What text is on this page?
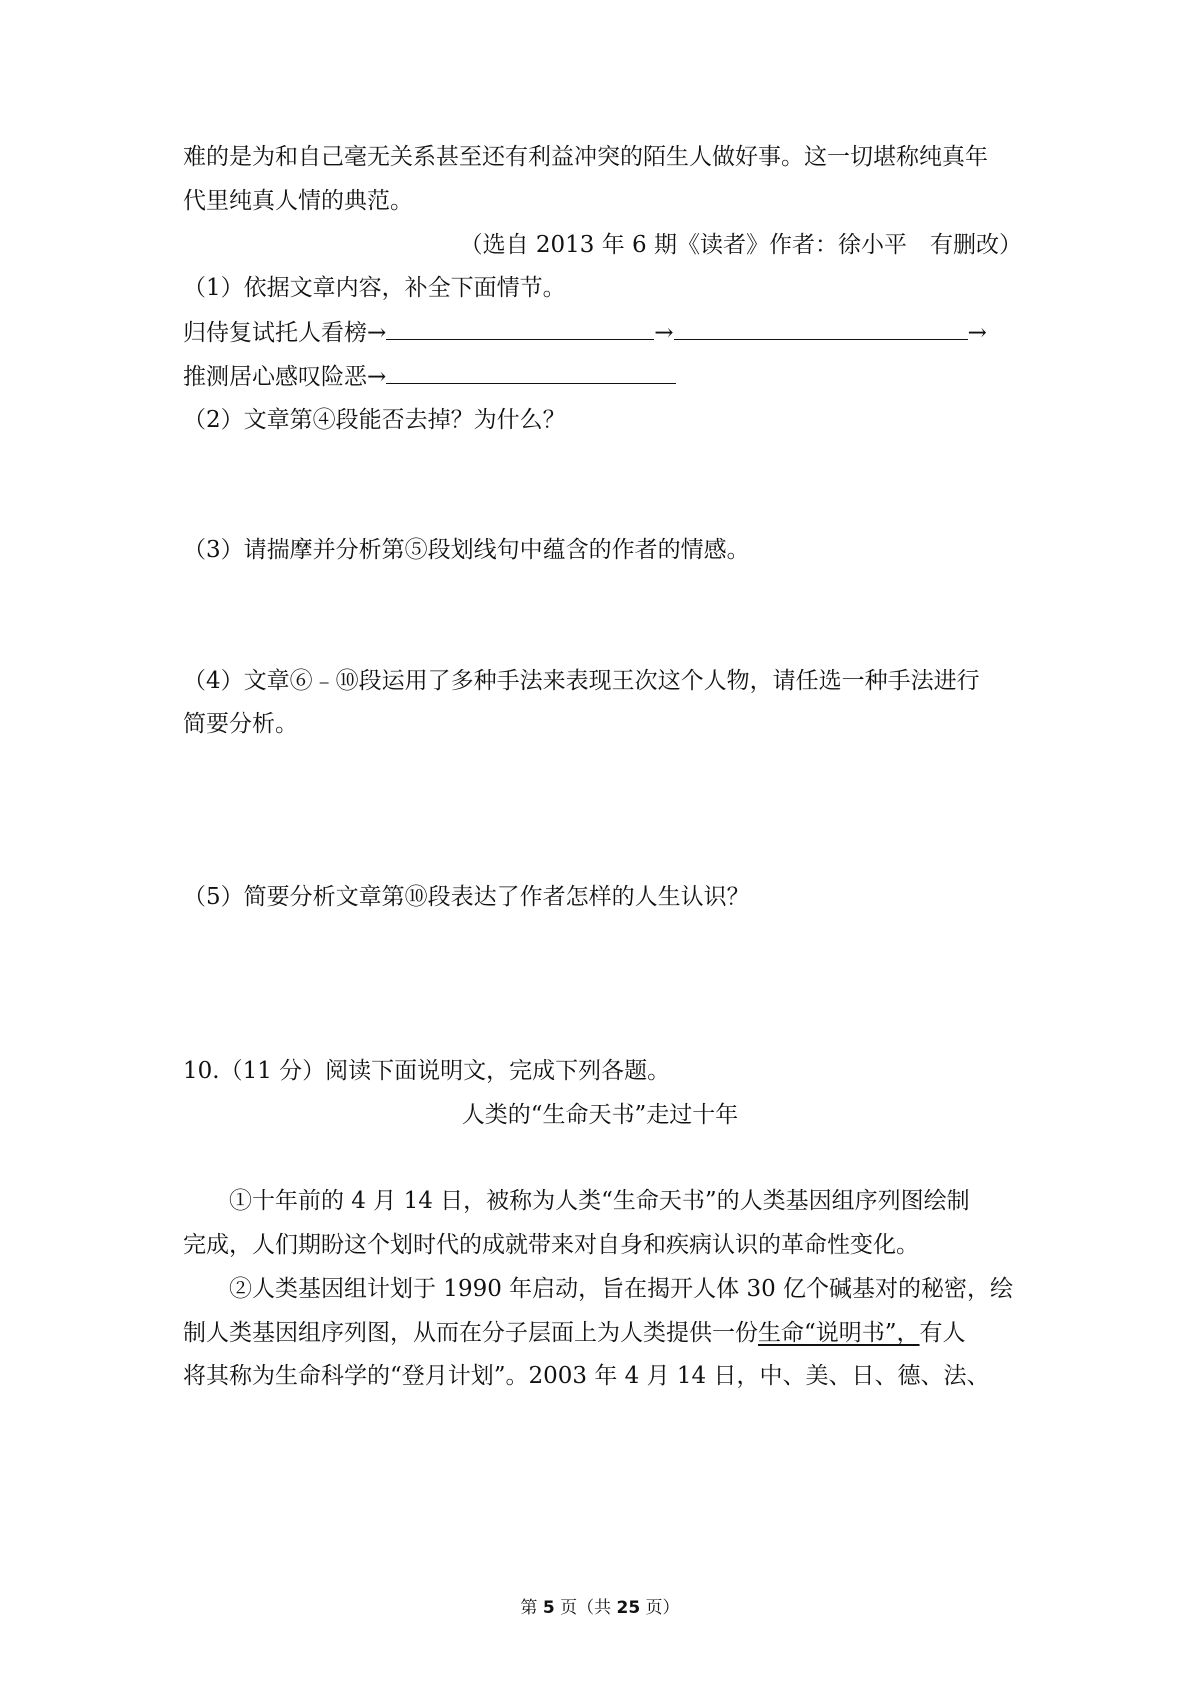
难的是为和自己毫无关系甚至还有利益冲突的陌生人做好事。这一切堪称纯真年
代里纯真人情的典范。
（选自 2013 年 6 期《读者》作者：徐小平　有删改）
（1）依据文章内容，补全下面情节。
归侍复试托人看榜→	→	→
推测居心感叹险恶→
（2）文章第④段能否去掉？为什么？
（3）请揣摩并分析第⑤段划线句中蕴含的作者的情感。
（4）文章⑥﹣⑩段运用了多种手法来表现王次这个人物，请任选一种手法进行
简要分析。
（5）简要分析文章第⑩段表达了作者怎样的人生认识？
10.（11 分）阅读下面说明文，完成下列各题。
人类的“生命天书”走过十年
①十年前的 4 月 14 日，被称为人类“生命天书”的人类基因组序列图绘制
完成，人们期盼这个划时代的成就带来对自身和疾病认识的革命性变化。
②人类基因组计划于 1990 年启动，旨在揭开人体 30 亿个碱基对的秘密，绘
制人类基因组序列图，从而在分子层面上为人类提供一份生命“说明书”，有人
将其称为生命科学的“登月计划”。2003 年 4 月 14 日，中、美、日、德、法、
第 5 页（共 25 页）
